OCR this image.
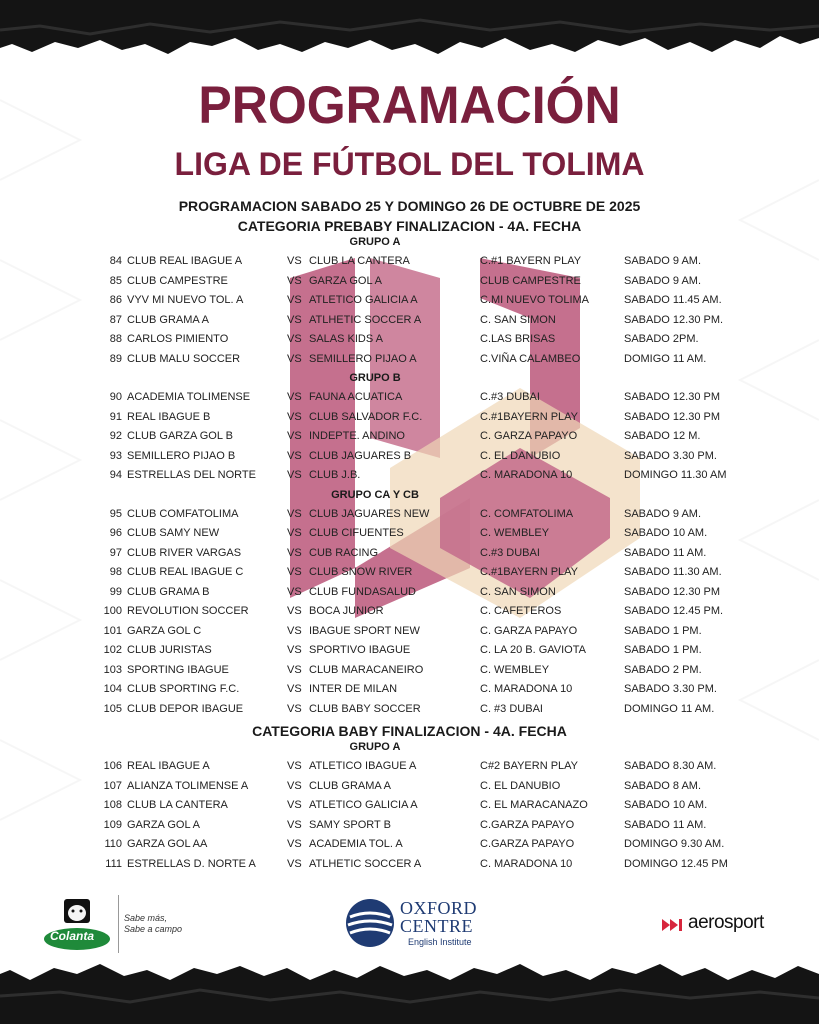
PROGRAMACIÓN
LIGA DE FÚTBOL DEL TOLIMA
PROGRAMACION SABADO 25 Y DOMINGO 26 DE OCTUBRE DE 2025
CATEGORIA PREBABY FINALIZACION - 4A. FECHA
GRUPO A
84 CLUB REAL IBAGUE A	VS CLUB LA CANTERA	C.#1 BAYERN PLAY	SABADO 9 AM.
85 CLUB CAMPESTRE	VS GARZA GOL A	CLUB CAMPESTRE	SABADO 9 AM.
86 VYV MI NUEVO TOL. A	VS ATLETICO GALICIA A	C.MI NUEVO TOLIMA	SABADO 11.45 AM.
87 CLUB GRAMA A	VS ATLHETIC SOCCER A	C. SAN SIMON	SABADO 12.30 PM.
88 CARLOS PIMIENTO	VS SALAS KIDS A	C.LAS BRISAS	SABADO 2PM.
89 CLUB MALU SOCCER	VS SEMILLERO PIJAO A	C.VIÑA CALAMBEO	DOMIGO 11 AM.
GRUPO B
90 ACADEMIA TOLIMENSE	VS FAUNA ACUATICA	C.#3 DUBAI	SABADO 12.30 PM
91 REAL IBAGUE B	VS CLUB SALVADOR F.C.	C.#1BAYERN PLAY	SABADO 12.30 PM
92 CLUB GARZA GOL B	VS INDEPTE. ANDINO	C. GARZA PAPAYO	SABADO 12 M.
93 SEMILLERO PIJAO B	VS CLUB JAGUARES B	C. EL DANUBIO	SABADO 3.30 PM.
94 ESTRELLAS DEL NORTE	VS CLUB J.B.	C. MARADONA 10	DOMINGO 11.30 AM
GRUPO CA Y CB
95 CLUB COMFATOLIMA	VS CLUB JAGUARES NEW	C. COMFATOLIMA	SABADO 9 AM.
96 CLUB SAMY NEW	VS CLUB CIFUENTES	C. WEMBLEY	SABADO 10 AM.
97 CLUB RIVER VARGAS	VS CUB RACING	C.#3 DUBAI	SABADO 11 AM.
98 CLUB REAL IBAGUE C	VS CLUB SNOW RIVER	C.#1BAYERN PLAY	SABADO 11.30 AM.
99 CLUB GRAMA B	VS CLUB FUNDASALUD	C. SAN SIMON	SABADO 12.30 PM
100 REVOLUTION SOCCER	VS BOCA JUNIOR	C. CAFETEROS	SABADO 12.45 PM.
101 GARZA GOL C	VS IBAGUE SPORT NEW	C. GARZA PAPAYO	SABADO 1 PM.
102 CLUB JURISTAS	VS SPORTIVO IBAGUE	C. LA 20 B. GAVIOTA	SABADO 1 PM.
103 SPORTING IBAGUE	VS CLUB MARACANEIRO	C. WEMBLEY	SABADO 2 PM.
104 CLUB SPORTING F.C.	VS INTER DE MILAN	C. MARADONA 10	SABADO 3.30 PM.
105 CLUB DEPOR IBAGUE	VS CLUB BABY SOCCER	C. #3 DUBAI	DOMINGO 11 AM.
CATEGORIA BABY FINALIZACION - 4A. FECHA
GRUPO A
106 REAL IBAGUE A	VS ATLETICO IBAGUE A	C#2 BAYERN PLAY	SABADO 8.30 AM.
107 ALIANZA TOLIMENSE A	VS CLUB GRAMA A	C. EL DANUBIO	SABADO 8 AM.
108 CLUB LA CANTERA	VS ATLETICO GALICIA A	C. EL MARACANAZO	SABADO 10 AM.
109 GARZA GOL A	VS SAMY SPORT B	C.GARZA PAPAYO	SABADO 11 AM.
110 GARZA GOL AA	VS ACADEMIA TOL. A	C.GARZA PAPAYO	DOMINGO 9.30 AM.
111 ESTRELLAS D. NORTE A	VS ATLHETIC SOCCER A	C. MARADONA 10	DOMINGO 12.45 PM
Colanta
Sabe más,
Sabe a campo
OXFORD
CENTRE
English Institute
aerosport
